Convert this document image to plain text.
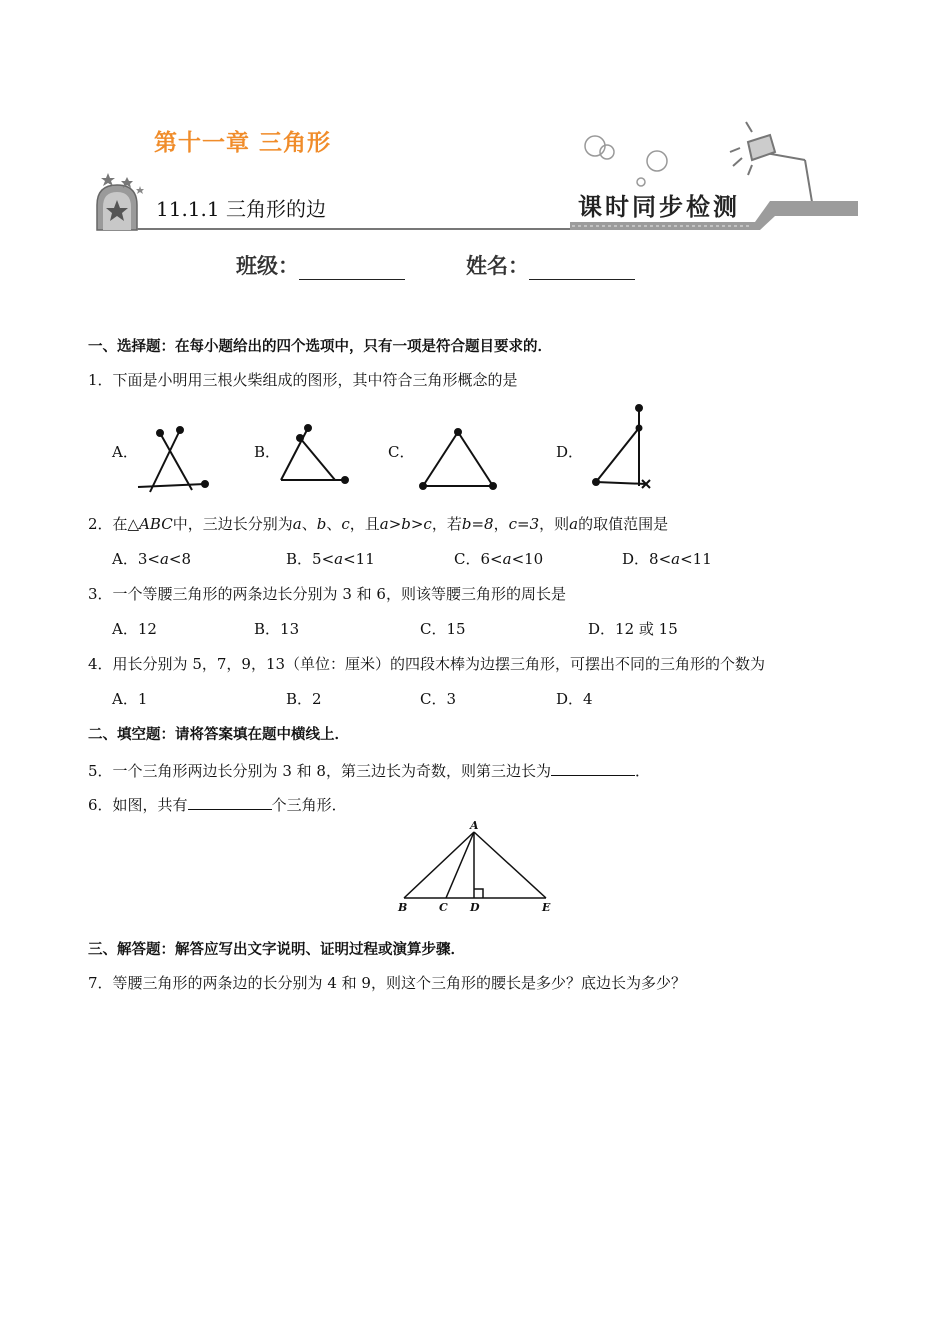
第十一章 三角形
11.1.1 三角形的边	课时同步检测
班级：	姓名：
一、选择题：在每小题给出的四个选项中，只有一项是符合题目要求的．
1．下面是小明用三根火柴组成的图形，其中符合三角形概念的是
A．	B．	C．	D．
2．在△ABC中，三边长分别为a、b、c，且a>b>c，若b=8，c=3，则a的取值范围是
A．3<a<8	B．5<a<11	C．6<a<10	D．8<a<11
3．一个等腰三角形的两条边长分别为 3 和 6，则该等腰三角形的周长是
A．12	B．13	C．15	D．12 或 15
4．用长分别为 5，7，9，13（单位：厘米）的四段木棒为边摆三角形，可摆出不同的三角形的个数为
A．1	B．2	C．3	D．4
二、填空题：请将答案填在题中横线上．
5．一个三角形两边长分别为 3 和 8，第三边长为奇数，则第三边长为	．
6．如图，共有	个三角形．
A
B	C D	E
三、解答题：解答应写出文字说明、证明过程或演算步骤．
7．等腰三角形的两条边的长分别为 4 和 9，则这个三角形的腰长是多少？底边长为多少？
